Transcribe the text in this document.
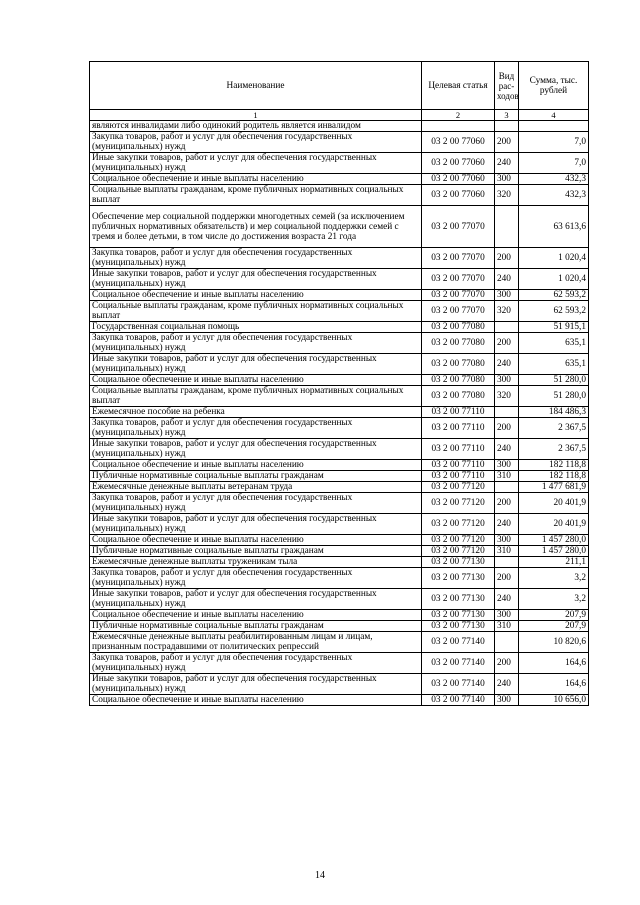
Наименование	Целевая статья	Вид рас-ходов	Сумма, тыс. рублей
1	2	3	4
являются инвалидами либо одинокий родитель является инвалидом			
Закупка товаров, работ и услуг для обеспечения государственных (муниципальных) нужд	03 2 00 77060	200	7,0
Иные закупки товаров, работ и услуг для обеспечения государственных (муниципальных) нужд	03 2 00 77060	240	7,0
Социальное обеспечение и иные выплаты населению	03 2 00 77060	300	432,3
Социальные выплаты гражданам, кроме публичных нормативных социальных выплат	03 2 00 77060	320	432,3
Обеспечение мер социальной поддержки многодетных семей (за исключением публичных нормативных обязательств) и мер социальной поддержки семей с тремя и более детьми, в том числе до достижения возраста 21 года	03 2 00 77070		63 613,6
Закупка товаров, работ и услуг для обеспечения государственных (муниципальных) нужд	03 2 00 77070	200	1 020,4
Иные закупки товаров, работ и услуг для обеспечения государственных (муниципальных) нужд	03 2 00 77070	240	1 020,4
Социальное обеспечение и иные выплаты населению	03 2 00 77070	300	62 593,2
Социальные выплаты гражданам, кроме публичных нормативных социальных выплат	03 2 00 77070	320	62 593,2
Государственная социальная помощь	03 2 00 77080		51 915,1
Закупка товаров, работ и услуг для обеспечения государственных (муниципальных) нужд	03 2 00 77080	200	635,1
Иные закупки товаров, работ и услуг для обеспечения государственных (муниципальных) нужд	03 2 00 77080	240	635,1
Социальное обеспечение и иные выплаты населению	03 2 00 77080	300	51 280,0
Социальные выплаты гражданам, кроме публичных нормативных социальных выплат	03 2 00 77080	320	51 280,0
Ежемесячное пособие на ребенка	03 2 00 77110		184 486,3
Закупка товаров, работ и услуг для обеспечения государственных (муниципальных) нужд	03 2 00 77110	200	2 367,5
Иные закупки товаров, работ и услуг для обеспечения государственных (муниципальных) нужд	03 2 00 77110	240	2 367,5
Социальное обеспечение и иные выплаты населению	03 2 00 77110	300	182 118,8
Публичные нормативные социальные выплаты гражданам	03 2 00 77110	310	182 118,8
Ежемесячные денежные выплаты ветеранам труда	03 2 00 77120		1 477 681,9
Закупка товаров, работ и услуг для обеспечения государственных (муниципальных) нужд	03 2 00 77120	200	20 401,9
Иные закупки товаров, работ и услуг для обеспечения государственных (муниципальных) нужд	03 2 00 77120	240	20 401,9
Социальное обеспечение и иные выплаты населению	03 2 00 77120	300	1 457 280,0
Публичные нормативные социальные выплаты гражданам	03 2 00 77120	310	1 457 280,0
Ежемесячные денежные выплаты труженикам тыла	03 2 00 77130		211,1
Закупка товаров, работ и услуг для обеспечения государственных (муниципальных) нужд	03 2 00 77130	200	3,2
Иные закупки товаров, работ и услуг для обеспечения государственных (муниципальных) нужд	03 2 00 77130	240	3,2
Социальное обеспечение и иные выплаты населению	03 2 00 77130	300	207,9
Публичные нормативные социальные выплаты гражданам	03 2 00 77130	310	207,9
Ежемесячные денежные выплаты реабилитированным лицам и лицам, признанным пострадавшими от политических репрессий	03 2 00 77140		10 820,6
Закупка товаров, работ и услуг для обеспечения государственных (муниципальных) нужд	03 2 00 77140	200	164,6
Иные закупки товаров, работ и услуг для обеспечения государственных (муниципальных) нужд	03 2 00 77140	240	164,6
Социальное обеспечение и иные выплаты населению	03 2 00 77140	300	10 656,0
14
